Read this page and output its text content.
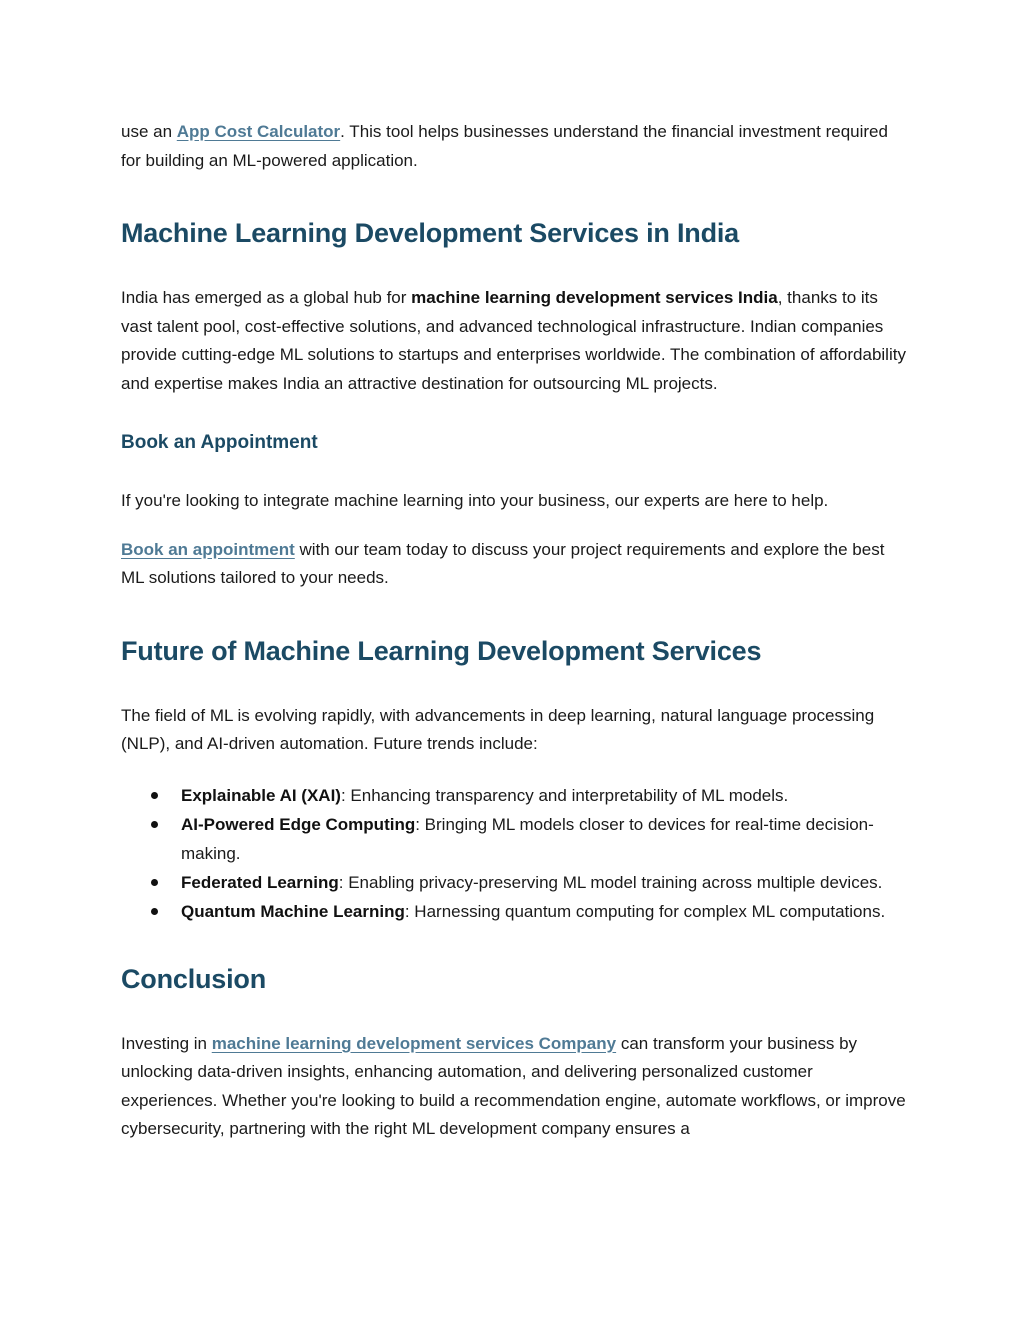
use an App Cost Calculator. This tool helps businesses understand the financial investment required for building an ML-powered application.

Machine Learning Development Services in India

India has emerged as a global hub for machine learning development services India, thanks to its vast talent pool, cost-effective solutions, and advanced technological infrastructure. Indian companies provide cutting-edge ML solutions to startups and enterprises worldwide. The combination of affordability and expertise makes India an attractive destination for outsourcing ML projects.

Book an Appointment

If you're looking to integrate machine learning into your business, our experts are here to help.

Book an appointment with our team today to discuss your project requirements and explore the best ML solutions tailored to your needs.

Future of Machine Learning Development Services

The field of ML is evolving rapidly, with advancements in deep learning, natural language processing (NLP), and AI-driven automation. Future trends include:

Explainable AI (XAI): Enhancing transparency and interpretability of ML models.
AI-Powered Edge Computing: Bringing ML models closer to devices for real-time decision-making.
Federated Learning: Enabling privacy-preserving ML model training across multiple devices.
Quantum Machine Learning: Harnessing quantum computing for complex ML computations.
Conclusion

Investing in machine learning development services Company can transform your business by unlocking data-driven insights, enhancing automation, and delivering personalized customer experiences. Whether you're looking to build a recommendation engine, automate workflows, or improve cybersecurity, partnering with the right ML development company ensures a
